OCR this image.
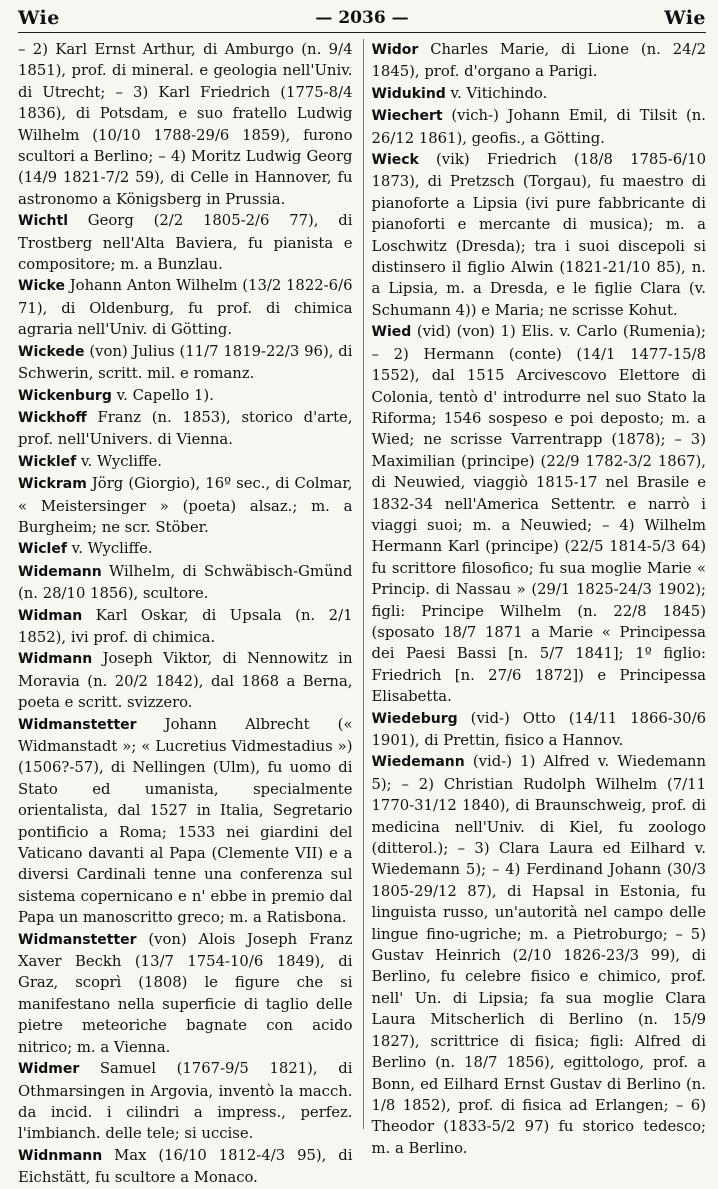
Wie	— 2036 —	Wie

– 2) Karl Ernst Arthur, di Amburgo (n. 9/4 1851), prof. di mineral. e geologia nell'Univ. di Utrecht; – 3) Karl Friedrich (1775-8/4 1836), di Potsdam, e suo fratello Ludwig Wilhelm (10/10 1788-29/6 1859), furono scultori a Berlino; – 4) Moritz Ludwig Georg (14/9 1821-7/2 59), di Celle in Hannover, fu astronomo a Königsberg in Prussia.

Wichtl Georg (2/2 1805-2/6 77), di Trostberg nell'Alta Baviera, fu pianista e compositore; m. a Bunzlau.

Wicke Johann Anton Wilhelm (13/2 1822-6/6 71), di Oldenburg, fu prof. di chimica agraria nell'Univ. di Götting.

Wickede (von) Julius (11/7 1819-22/3 96), di Schwerin, scritt. mil. e romanz.

Wickenburg v. Capello 1).

Wickhoff Franz (n. 1853), storico d'arte, prof. nell'Univers. di Vienna.

Wicklef v. Wycliffe.

Wickram Jörg (Giorgio), 16º sec., di Colmar, « Meistersinger » (poeta) alsaz.; m. a Burgheim; ne scr. Stöber.

Wiclef v. Wycliffe.

Widemann Wilhelm, di Schwäbisch-Gmünd (n. 28/10 1856), scultore.

Widman Karl Oskar, di Upsala (n. 2/1 1852), ivi prof. di chimica.

Widmann Joseph Viktor, di Nennowitz in Moravia (n. 20/2 1842), dal 1868 a Berna, poeta e scritt. svizzero.

Widmanstetter Johann Albrecht (« Widmanstadt »; « Lucretius Vidmestadius »)(1506?-57), di Nellingen (Ulm), fu uomo di Stato ed umanista, specialmente orientalista, dal 1527 in Italia, Segretario pontificio a Roma; 1533 nei giardini del Vaticano davanti al Papa (Clemente VII) e a diversi Cardinali tenne una conferenza sul sistema copernicano e n' ebbe in premio dal Papa un manoscritto greco; m. a Ratisbona.

Widmanstetter (von) Alois Joseph Franz Xaver Beckh (13/7 1754-10/6 1849), di Graz, scoprì (1808) le figure che si manifestano nella superficie di taglio delle pietre meteoriche bagnate con acido nitrico; m. a Vienna.

Widmer Samuel (1767-9/5 1821), di Othmarsingen in Argovia, inventò la macch. da incid. i cilindri a impress., perfez. l'imbianch. delle tele; si uccise.

Widnmann Max (16/10 1812-4/3 95), di Eichstätt, fu scultore a Monaco.

Widor Charles Marie, di Lione (n. 24/2 1845), prof. d'organo a Parigi.

Widukind v. Vitichindo.

Wiechert (vich-) Johann Emil, di Tilsit (n. 26/12 1861), geofis., a Götting.

Wieck (vik) Friedrich (18/8 1785-6/10 1873), di Pretzsch (Torgau), fu maestro di pianoforte a Lipsia (ivi pure fabbricante di pianoforti e mercante di musica); m. a Loschwitz (Dresda); tra i suoi discepoli si distinsero il figlio Alwin (1821-21/10 85), n. a Lipsia, m. a Dresda, e le figlie Clara (v. Schumann 4)) e Maria; ne scrisse Kohut.

Wied (vid) (von) 1) Elis. v. Carlo (Rumenia); – 2) Hermann (conte) (14/1 1477-15/8 1552), dal 1515 Arcivescovo Elettore di Colonia, tentò d' introdurre nel suo Stato la Riforma; 1546 sospeso e poi deposto; m. a Wied; ne scrisse Varrentrapp (1878); – 3) Maximilian (principe) (22/9 1782-3/2 1867), di Neuwied, viaggiò 1815-17 nel Brasile e 1832-34 nell'America Settentr. e narrò i viaggi suoi; m. a Neuwied; – 4) Wilhelm Hermann Karl (principe) (22/5 1814-5/3 64) fu scrittore filosofico; fu sua moglie Marie « Princip. di Nassau » (29/1 1825-24/3 1902); figli: Principe Wilhelm (n. 22/8 1845) (sposato 18/7 1871 a Marie « Principessa dei Paesi Bassi [n. 5/7 1841]; 1º figlio: Friedrich [n. 27/6 1872]) e Principessa Elisabetta.

Wiedeburg (vid-) Otto (14/11 1866-30/6 1901), di Prettin, fisico a Hannov.

Wiedemann (vid-) 1) Alfred v. Wiedemann 5); – 2) Christian Rudolph Wilhelm (7/11 1770-31/12 1840), di Braunschweig, prof. di medicina nell'Univ. di Kiel, fu zoologo (ditterol.); – 3) Clara Laura ed Eilhard v. Wiedemann 5); – 4) Ferdinand Johann (30/3 1805-29/12 87), di Hapsal in Estonia, fu linguista russo, un'autorità nel campo delle lingue fino-ugriche; m. a Pietroburgo; – 5) Gustav Heinrich (2/10 1826-23/3 99), di Berlino, fu celebre fisico e chimico, prof. nell' Un. di Lipsia; fa sua moglie Clara Laura Mitscherlich di Berlino (n. 15/9 1827), scrittrice di fisica; figli: Alfred di Berlino (n. 18/7 1856), egittologo, prof. a Bonn, ed Eilhard Ernst Gustav di Berlino (n. 1/8 1852), prof. di fisica ad Erlangen; – 6) Theodor (1833-5/2 97) fu storico tedesco; m. a Berlino.
